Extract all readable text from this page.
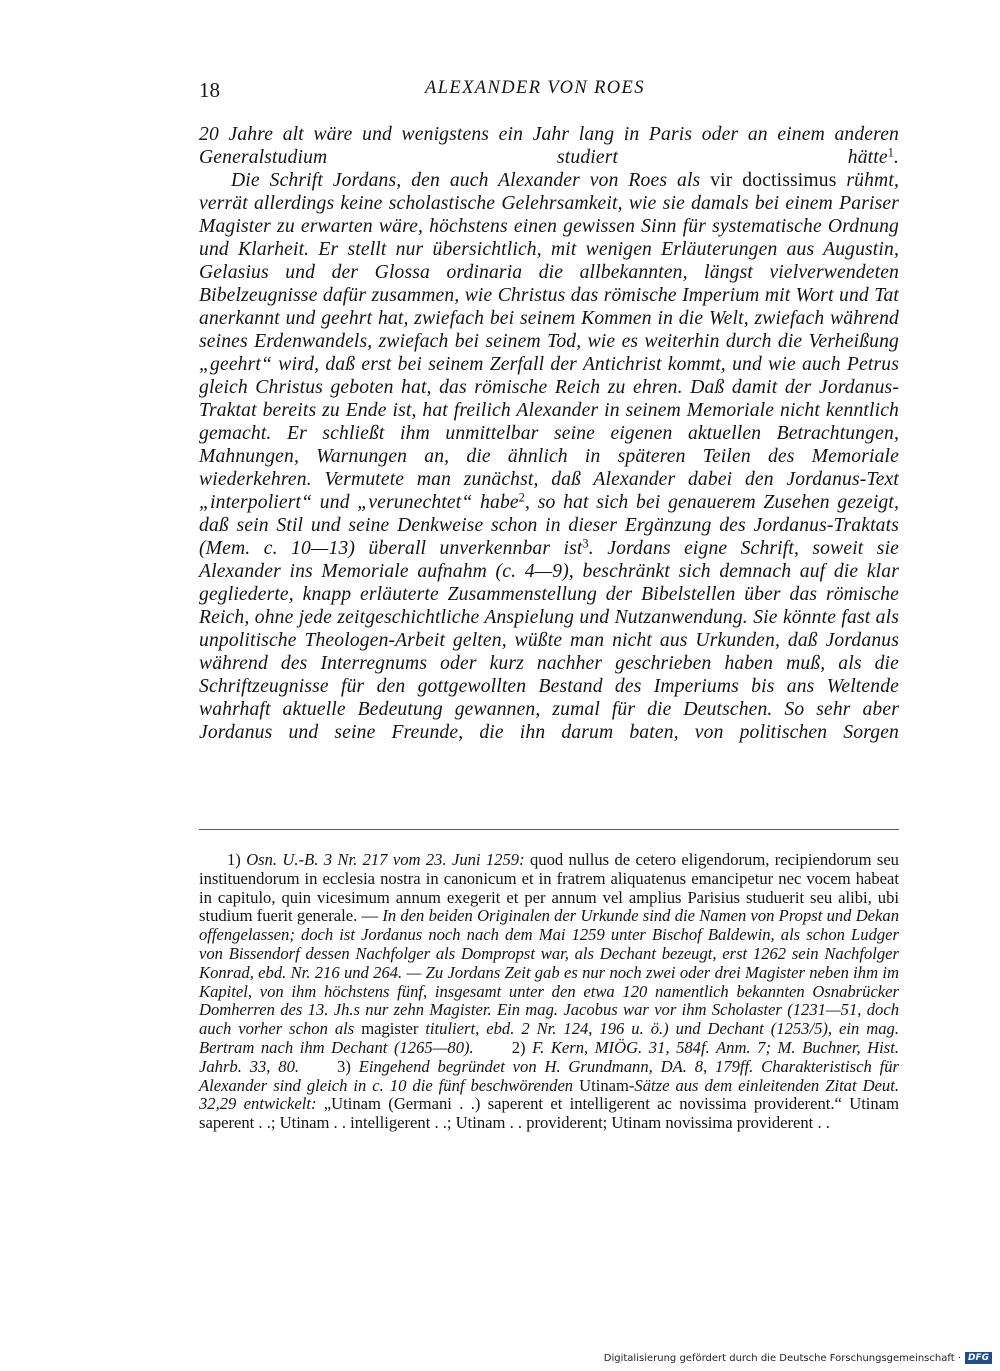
18	ALEXANDER VON ROES

20 Jahre alt wäre und wenigstens ein Jahr lang in Paris oder an einem anderen Generalstudium studiert hätte$^1$.

Die Schrift Jordans, den auch Alexander von Roes als vir doctissimus rühmt, verrät allerdings keine scholastische Gelehrsamkeit, wie sie damals bei einem Pariser Magister zu erwarten wäre, höchstens einen gewissen Sinn für systematische Ordnung und Klarheit. Er stellt nur übersichtlich, mit wenigen Erläuterungen aus Augustin, Gelasius und der Glossa ordinaria die allbekannten, längst vielverwendeten Bibelzeugnisse dafür zusammen, wie Christus das römische Imperium mit Wort und Tat anerkannt und geehrt hat, zwiefach bei seinem Kommen in die Welt, zwiefach während seines Erdenwandels, zwiefach bei seinem Tod, wie es weiterhin durch die Verheißung „geehrt“ wird, daß erst bei seinem Zerfall der Antichrist kommt, und wie auch Petrus gleich Christus geboten hat, das römische Reich zu ehren. Daß damit der Jordanus-Traktat bereits zu Ende ist, hat freilich Alexander in seinem Memoriale nicht kenntlich gemacht. Er schließt ihm unmittelbar seine eigenen aktuellen Betrachtungen, Mahnungen, Warnungen an, die ähnlich in späteren Teilen des Memoriale wiederkehren. Vermutete man zunächst, daß Alexander dabei den Jordanus-Text „interpoliert“ und „verunechtet“ habe$^2$, so hat sich bei genauerem Zusehen gezeigt, daß sein Stil und seine Denkweise schon in dieser Ergänzung des Jordanus-Traktats (Mem. c. 10—13) überall unverkennbar ist$^3$. Jordans eigne Schrift, soweit sie Alexander ins Memoriale aufnahm (c. 4—9), beschränkt sich demnach auf die klar gegliederte, knapp erläuterte Zusammenstellung der Bibelstellen über das römische Reich, ohne jede zeitgeschichtliche Anspielung und Nutzanwendung. Sie könnte fast als unpolitische Theologen-Arbeit gelten, wüßte man nicht aus Urkunden, daß Jordanus während des Interregnums oder kurz nachher geschrieben haben muß, als die Schriftzeugnisse für den gottgewollten Bestand des Imperiums bis ans Weltende wahrhaft aktuelle Bedeutung gewannen, zumal für die Deutschen. So sehr aber Jordanus und seine Freunde, die ihn darum baten, von politischen Sorgen

1) Osn. U.-B. 3 Nr. 217 vom 23. Juni 1259: quod nullus de cetero eligendorum, recipiendorum seu instituendorum in ecclesia nostra in canonicum et in fratrem aliquatenus emancipetur nec vocem habeat in capitulo, quin vicesimum annum exegerit et per annum vel amplius Parisius studuerit seu alibi, ubi studium fuerit generale. — In den beiden Originalen der Urkunde sind die Namen von Propst und Dekan offengelassen; doch ist Jordanus noch nach dem Mai 1259 unter Bischof Baldewin, als schon Ludger von Bissendorf dessen Nachfolger als Dompropst war, als Dechant bezeugt, erst 1262 sein Nachfolger Konrad, ebd. Nr. 216 und 264. — Zu Jordans Zeit gab es nur noch zwei oder drei Magister neben ihm im Kapitel, von ihm höchstens fünf, insgesamt unter den etwa 120 namentlich bekannten Osnabrücker Domherren des 13. Jh.s nur zehn Magister. Ein mag. Jacobus war vor ihm Scholaster (1231—51, doch auch vorher schon als magister tituliert, ebd. 2 Nr. 124, 196 u. ö.) und Dechant (1253/5), ein mag. Bertram nach ihm Dechant (1265—80). 2) F. Kern, MIÖG. 31, 584f. Anm. 7; M. Buchner, Hist. Jahrb. 33, 80. 3) Eingehend begründet von H. Grundmann, DA. 8, 179ff. Charakteristisch für Alexander sind gleich in c. 10 die fünf beschwörenden Utinam-Sätze aus dem einleitenden Zitat Deut. 32,29 entwickelt: „Utinam (Germani . .) saperent et intelligerent ac novissima providerent.“ Utinam saperent . .; Utinam . . intelligerent . .; Utinam . . providerent; Utinam novissima providerent . .

Digitalisierung gefördert durch die Deutsche Forschungsgemeinschaft · DFG
